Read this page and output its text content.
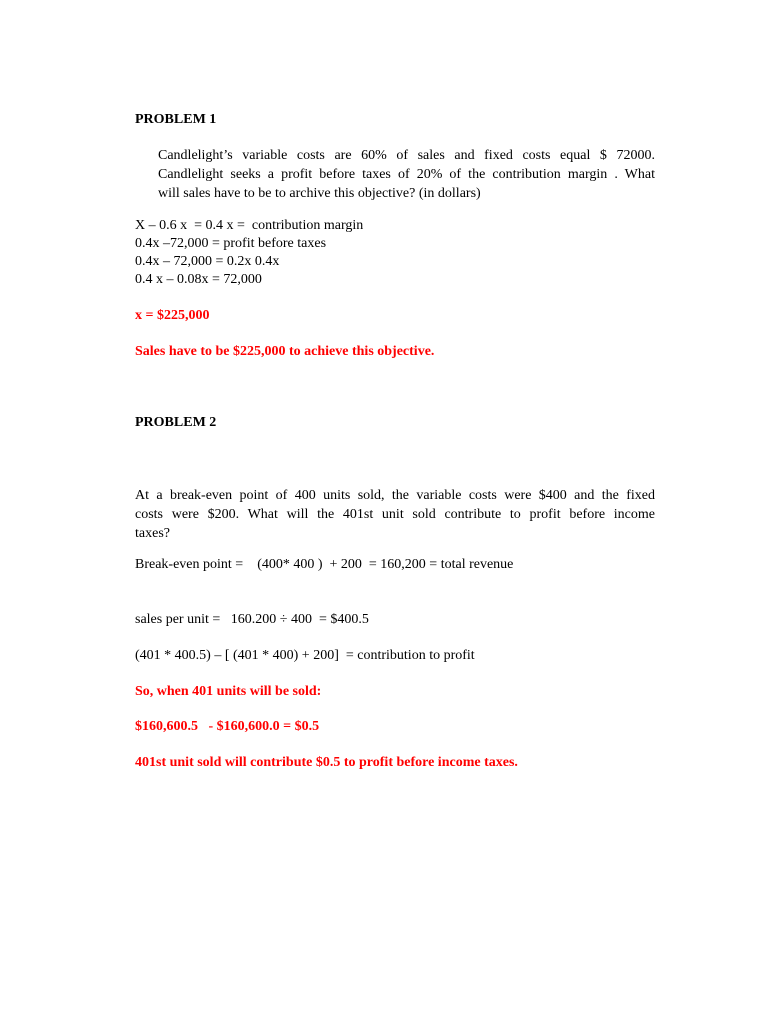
PROBLEM 1
Candlelight’s variable costs are 60% of sales and fixed costs equal $ 72000.
Candlelight seeks a profit before taxes of 20% of the contribution margin . What
will sales have to be to archive this objective? (in dollars)
X – 0.6 x  = 0.4 x =  contribution margin
0.4x –72,000 = profit before taxes
0.4x – 72,000 = 0.2x 0.4x
0.4 x – 0.08x = 72,000
x = $225,000
Sales have to be $225,000 to achieve this objective.
PROBLEM 2
At a break-even point of 400 units sold, the variable costs were $400 and the fixed
costs were $200. What will the 401st unit sold contribute to profit before income
taxes?
Break-even point =    (400* 400 )  + 200  = 160,200 = total revenue
sales per unit =   160.200 ÷ 400  = $400.5
(401 * 400.5) – [ (401 * 400) + 200]  = contribution to profit
So, when 401 units will be sold:
$160,600.5   - $160,600.0 = $0.5
401st unit sold will contribute $0.5 to profit before income taxes.
